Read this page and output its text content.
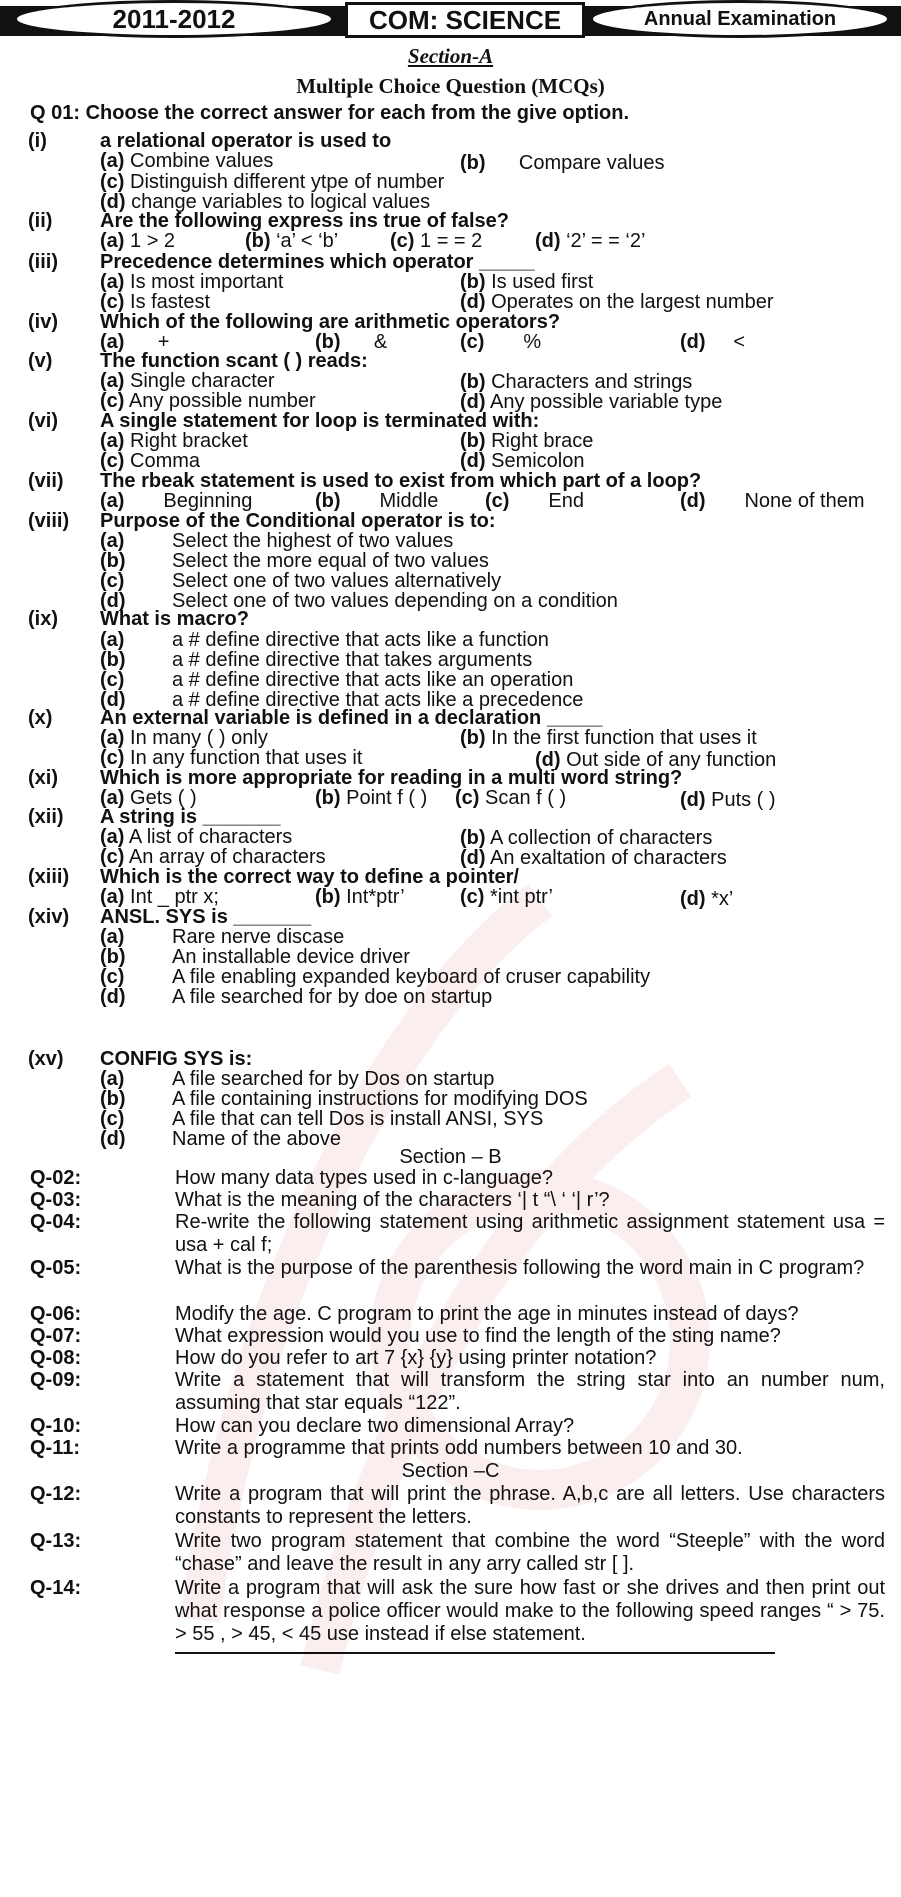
2011-2012	COM: SCIENCE	Annual Examination
Section-A
Multiple Choice Question (MCQs)
Q 01: Choose the correct answer for each from the give option.
(i)	a relational operator is used to
(a) Combine values	(b) Compare values
(c) Distinguish different ytpe of number
(d) change variables to logical values
(ii) Are the following express ins true of false?
(a) 1 > 2	(b) ‘a’ < ‘b’	(c) 1 = = 2	(d) ‘2’ = = ‘2’
(iii) Precedence determines which operator _____
(a) Is most important	(b) Is used first
(c) Is fastest	(d) Operates on the largest number
(iv) Which of the following are arithmetic operators?
(a) +	(b) &	(c) %	(d) <
(v) The function scant ( ) reads:
(a) Single character	(b) Characters and strings
(c) Any possible number	(d) Any possible variable type
(vi) A single statement for loop is terminated with:
(a) Right bracket	(b) Right brace
(c) Comma	(d) Semicolon
(vii) The rbeak statement is used to exist from which part of a loop?
(a) Beginning	(b) Middle (c) End	(d) None of them
(viii) Purpose of the Conditional operator is to:
(a) Select the highest of two values
(b) Select the more equal of two values
(c) Select one of two values alternatively
(d) Select one of two values depending on a condition
(ix) What is macro?
(a) a # define directive that acts like a function
(b) a # define directive that takes arguments
(c) a # define directive that acts like an operation
(d) a # define directive that acts like a precedence
(x) An external variable is defined in a declaration _____
(a) In many ( ) only	(b) In the first function that uses it
(c) In any function that uses it	(d) Out side of any function
(xi) Which is more appropriate for reading in a multi word string?
(a) Gets ( )	(b) Point f ( ) (c) Scan f ( )	(d) Puts ( )
(xii) A string is _______
(a) A list of characters	(b) A collection of characters
(c) An array of characters	(d) An exaltation of characters
(xiii) Which is the correct way to define a pointer/
(a) Int _ ptr x;	(b) Int*ptr’	(c) *int ptr’	(d) *x’
(xiv) ANSL. SYS is _______
(a) Rare nerve discase
(b) An installable device driver
(c) A file enabling expanded keyboard of cruser capability
(d) A file searched for by doe on startup
(xv) CONFIG SYS is:
(a) A file searched for by Dos on startup
(b) A file containing instructions for modifying DOS
(c) A file that can tell Dos is install ANSI, SYS
(d) Name of the above
Section – B
Q-02:	How many data types used in c-language?
Q-03:	What is the meaning of the characters ‘| t “\ ‘ ‘| r’?
Q-04:	Re-write the following statement using arithmetic assignment statement usa = usa + cal f;
Q-05:	What is the purpose of the parenthesis following the word main in C program?
Q-06:	Modify the age. C program to print the age in minutes instead of days?
Q-07:	What expression would you use to find the length of the sting name?
Q-08:	How do you refer to art 7 {x} {y} using printer notation?
Q-09:	Write a statement that will transform the string star into an number num, assuming that star equals “122”.
Q-10:	How can you declare two dimensional Array?
Q-11:	Write a programme that prints odd numbers between 10 and 30.
Section –C
Q-12:	Write a program that will print the phrase. A,b,c are all letters. Use characters constants to represent the letters.
Q-13:	Write two program statement that combine the word “Steeple” with the word “chase” and leave the result in any arry called str [ ].
Q-14:	Write a program that will ask the sure how fast or she drives and then print out what response a police officer would make to the following speed ranges “ > 75. > 55 , > 45, < 45 use instead if else statement.
